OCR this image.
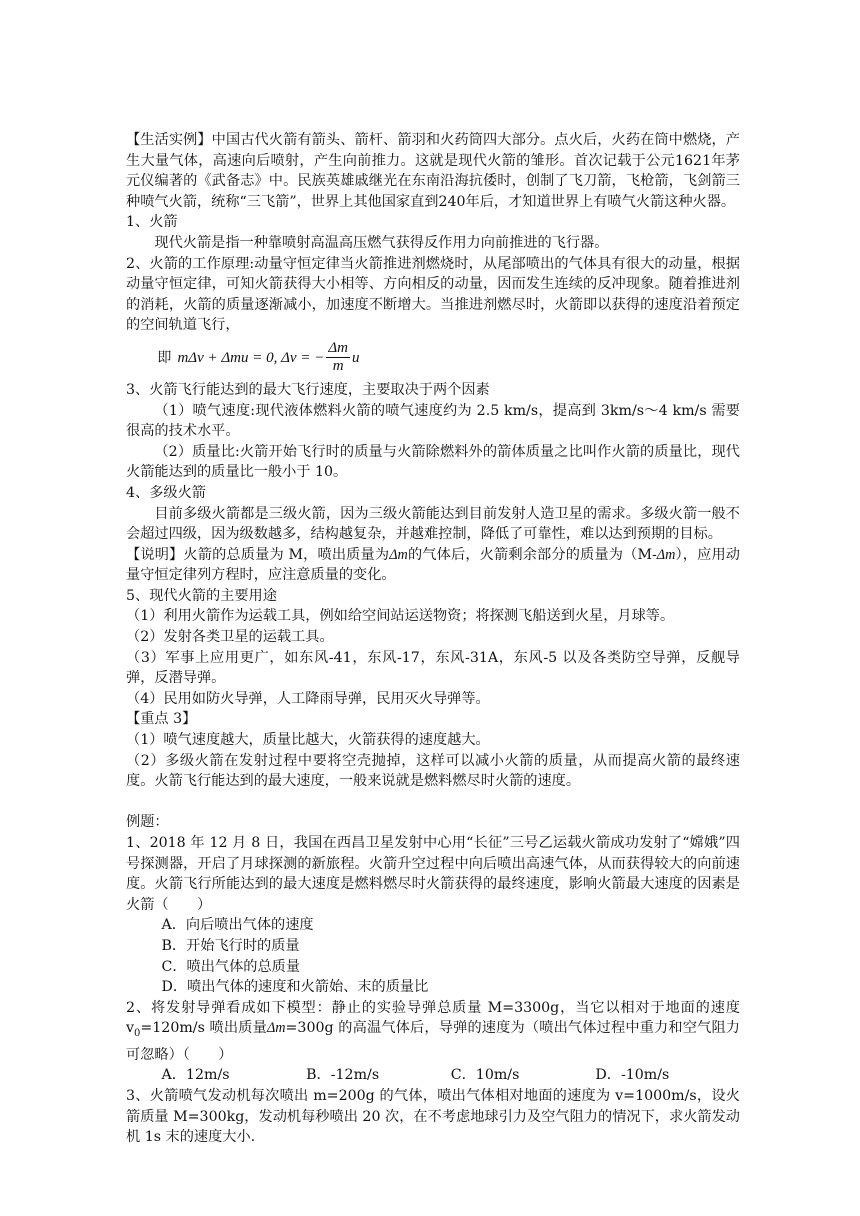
【生活实例】中国古代火箭有箭头、箭杆、箭羽和火药筒四大部分。点火后，火药在筒中燃烧，产生大量气体，高速向后喷射，产生向前推力。这就是现代火箭的雏形。首次记载于公元1621年茅元仪编著的《武备志》中。民族英雄戚继光在东南沿海抗倭时，创制了飞刀箭，飞枪箭，飞剑箭三种喷气火箭，统称“三飞箭”，世界上其他国家直到240年后，才知道世界上有喷气火箭这种火器。

1、火箭

现代火箭是指一种靠喷射高温高压燃气获得反作用力向前推进的飞行器。

2、火箭的工作原理:动量守恒定律当火箭推进剂燃烧时，从尾部喷出的气体具有很大的动量，根据动量守恒定律，可知火箭获得大小相等、方向相反的动量，因而发生连续的反冲现象。随着推进剂的消耗，火箭的质量逐渐减小，加速度不断增大。当推进剂燃尽时，火箭即以获得的速度沿着预定的空间轨道飞行，

即 mΔv + Δmu = 0, Δv = − $\frac{\Delta m}{m}$ u

3、火箭飞行能达到的最大飞行速度，主要取决于两个因素

（1）喷气速度:现代液体燃料火箭的喷气速度约为 2.5 km/s，提高到 3km/s～4 km/s 需要很高的技术水平。

（2）质量比:火箭开始飞行时的质量与火箭除燃料外的箭体质量之比叫作火箭的质量比，现代火箭能达到的质量比一般小于 10。

4、多级火箭

目前多级火箭都是三级火箭，因为三级火箭能达到目前发射人造卫星的需求。多级火箭一般不会超过四级，因为级数越多，结构越复杂，并越难控制，降低了可靠性，难以达到预期的目标。

【说明】火箭的总质量为 M，喷出质量为Δm的气体后，火箭剩余部分的质量为（M-Δm），应用动量守恒定律列方程时，应注意质量的变化。

5、现代火箭的主要用途

（1）利用火箭作为运载工具，例如给空间站运送物资；将探测飞船送到火星，月球等。

（2）发射各类卫星的运载工具。

（3）军事上应用更广，如东风-41，东风-17，东风-31A，东风-5 以及各类防空导弹，反舰导弹，反潜导弹。

（4）民用如防火导弹，人工降雨导弹，民用灭火导弹等。

【重点 3】

（1）喷气速度越大，质量比越大，火箭获得的速度越大。

（2）多级火箭在发射过程中要将空壳抛掉，这样可以减小火箭的质量，从而提高火箭的最终速度。火箭飞行能达到的最大速度，一般来说就是燃料燃尽时火箭的速度。

例题：

1、2018 年 12 月 8 日，我国在西昌卫星发射中心用“长征”三号乙运载火箭成功发射了“嫦娥”四号探测器，开启了月球探测的新旅程。火箭升空过程中向后喷出高速气体，从而获得较大的向前速度。火箭飞行所能达到的最大速度是燃料燃尽时火箭获得的最终速度，影响火箭最大速度的因素是火箭（　　）

A．向后喷出气体的速度

B．开始飞行时的质量

C．喷出气体的总质量

D．喷出气体的速度和火箭始、末的质量比

2、将发射导弹看成如下模型：静止的实验导弹总质量 M=3300g，当它以相对于地面的速度 $v_0=120m/s$ 喷出质量Δm=300g 的高温气体后，导弹的速度为（喷出气体过程中重力和空气阻力可忽略）（　　）

A．12m/s	B．-12m/s	C．10m/s	D．-10m/s

3、火箭喷气发动机每次喷出 m=200g 的气体，喷出气体相对地面的速度为 v=1000m/s，设火箭质量 M=300kg，发动机每秒喷出 20 次，在不考虑地球引力及空气阻力的情况下，求火箭发动机 1s 末的速度大小.
